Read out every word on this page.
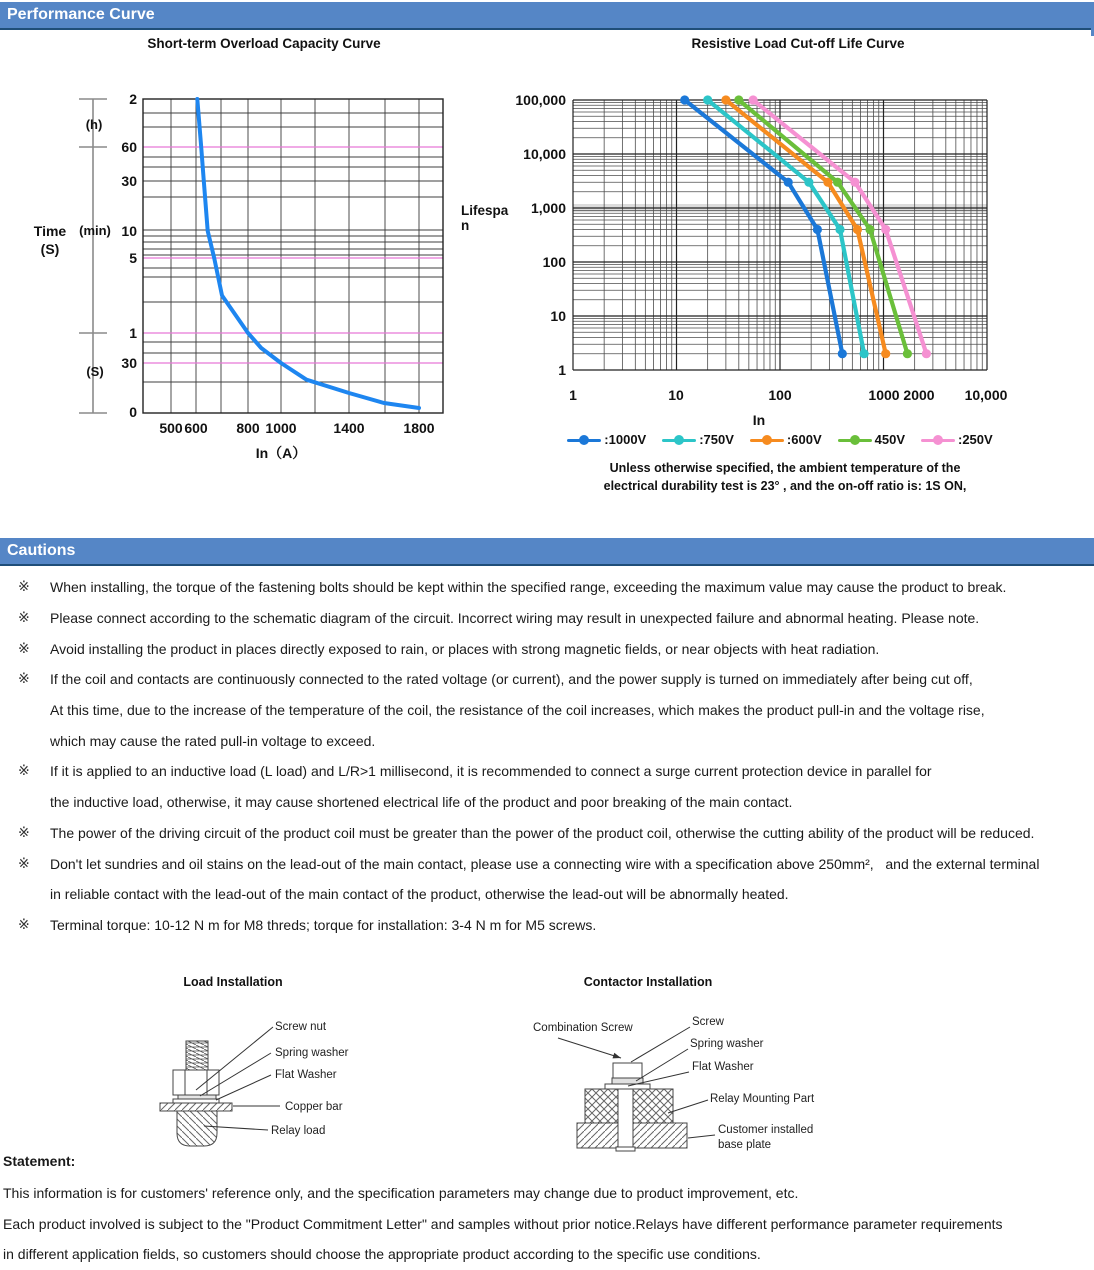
Performance Curve
Short-term Overload Capacity Curve	Resistive Load Cut-off Life Curve
2
60
30
10
5
1
30
0
(h)
(min)
(S)
Time
(S)
500 600	800 1000	1400	1800
In（A）
100,000
10,000
1,000
100
10
1
Lifespan
1	10	100	1000 2000	10,000
In
:1000V	:750V	:600V	450V	:250V
Unless otherwise specified, the ambient temperature of the
electrical durability test is 23° , and the on-off ratio is: 1S ON,
Cautions
※	When installing, the torque of the fastening bolts should be kept within the specified range, exceeding the maximum value may cause the product to break.
※	Please connect according to the schematic diagram of the circuit. Incorrect wiring may result in unexpected failure and abnormal heating. Please note.
※	Avoid installing the product in places directly exposed to rain, or places with strong magnetic fields, or near objects with heat radiation.
※	If the coil and contacts are continuously connected to the rated voltage (or current), and the power supply is turned on immediately after being cut off,
At this time, due to the increase of the temperature of the coil, the resistance of the coil increases, which makes the product pull-in and the voltage rise,
which may cause the rated pull-in voltage to exceed.
※	If it is applied to an inductive load (L load) and L/R>1 millisecond, it is recommended to connect a surge current protection device in parallel for
the inductive load, otherwise, it may cause shortened electrical life of the product and poor breaking of the main contact.
※	The power of the driving circuit of the product coil must be greater than the power of the product coil, otherwise the cutting ability of the product will be reduced.
※	Don't let sundries and oil stains on the lead-out of the main contact, please use a connecting wire with a specification above 250mm²,   and the external terminal
in reliable contact with the lead-out of the main contact of the product, otherwise the lead-out will be abnormally heated.
※	Terminal torque: 10-12 N m for M8 threds; torque for installation: 3-4 N m for M5 screws.
Load Installation	Contactor Installation
Screw nut
Spring washer
Flat Washer
Copper bar
Relay load
Combination Screw	Screw
Spring washer
Flat Washer
Relay Mounting Part
Customer installed
base plate
Statement:
This information is for customers' reference only, and the specification parameters may change due to product improvement, etc.
Each product involved is subject to the "Product Commitment Letter" and samples without prior notice.Relays have different performance parameter requirements
in different application fields, so customers should choose the appropriate product according to the specific use conditions.
